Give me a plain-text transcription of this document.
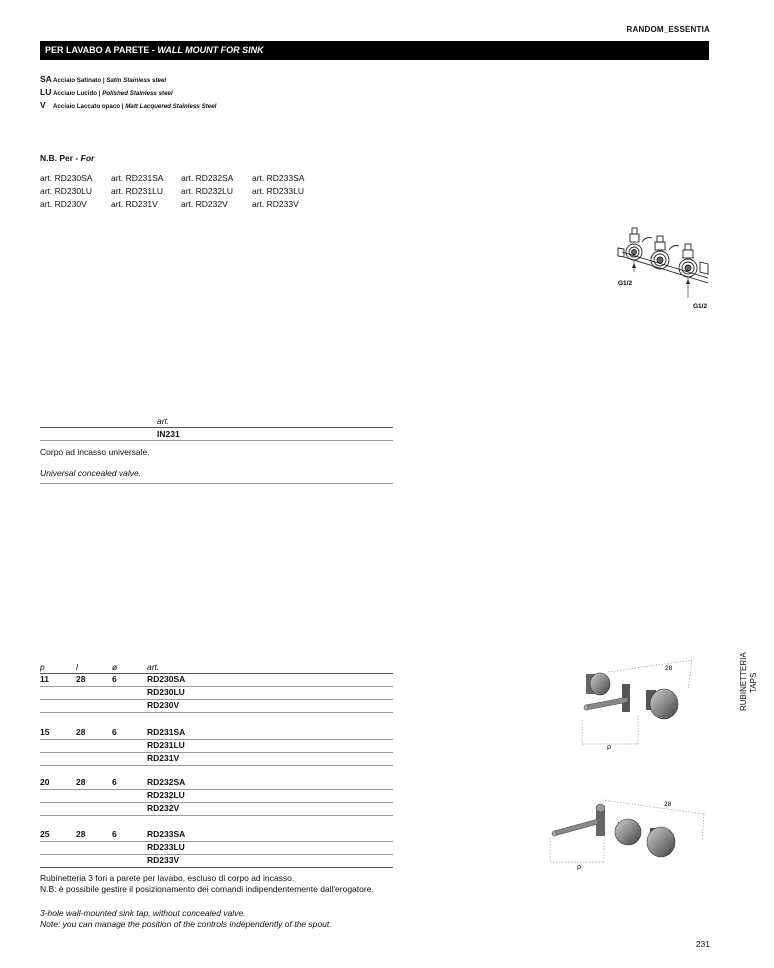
RANDOM_ESSENTIA
PER LAVABO A PARETE - WALL MOUNT FOR SINK
SAAcciaio Satinato | Satin Stainless steel
LU Acciaio Lucido | Polished Stainless steel
V Acciaio Laccato opaco | Matt Lacquered Stainless Steel
N.B. Per - For
art. RD230SA	art. RD231SA	art. RD232SA	art. RD233SA
art. RD230LU	art. RD231LU	art. RD232LU	art. RD233LU
art. RD230V	art. RD231V	art. RD232V	art. RD233V
G1/2
G1/2
art.
IN231
Corpo ad incasso universale.
Universal concealed valve.
p	l	ø	art.
11	28	6	RD230SA
RD230LU
RD230V
15	28	6	RD231SA
RD231LU
RD231V
20	28	6	RD232SA
RD232LU
RD232V
25	28	6	RD233SA
RD233LU
RD233V
Rubinetteria 3 fori a parete per lavabo, escluso di corpo ad incasso.
N.B: è possibile gestire il posizionamento dei comandi indipendentemente dall'erogatore.
3-hole wall-mounted sink tap, without concealed valve.
Note: you can manage the position of the controls independently of the spout.
28
P
28
P
RUBINETTERIA TAPS
231
